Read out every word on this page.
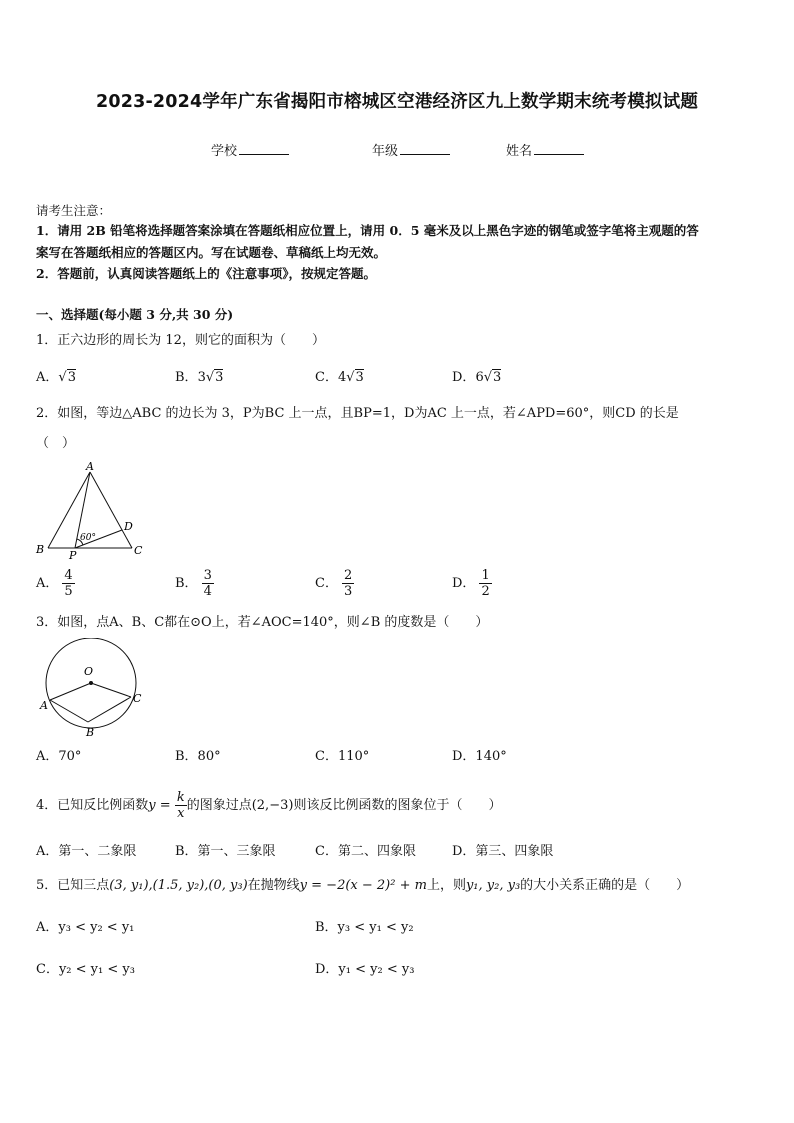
2023-2024学年广东省揭阳市榕城区空港经济区九上数学期末统考模拟试题
学校	年级	姓名
请考生注意：
1．请用 2B 铅笔将选择题答案涂填在答题纸相应位置上，请用 0．5 毫米及以上黑色字迹的钢笔或签字笔将主观题的答
案写在答题纸相应的答题区内。写在试题卷、草稿纸上均无效。
2．答题前，认真阅读答题纸上的《注意事项》，按规定答题。
一、选择题(每小题 3 分,共 30 分)
1．正六边形的周长为 12，则它的面积为（　　）
A．√3	B．3√3	C．4√3	D．6√3
2．如图，等边△ABC 的边长为 3，P为BC 上一点，且BP=1，D为AC 上一点，若∠APD=60°，则CD 的长是
（　）
A
B	C
D
P
60°
A． $\frac{4}{5}$	B． $\frac{3}{4}$	C． $\frac{2}{3}$	D． $\frac{1}{2}$
3．如图，点A、B、C都在⊙O上，若∠AOC=140°，则∠B 的度数是（　　）
O
A
B
C
A．70°	B．80°	C．110°	D．140°
4．已知反比例函数$y = \frac{k}{x}$ 的图象过点(2,−3)则该反比例函数的图象位于（　　）
A．第一、二象限	B．第一、三象限	C．第二、四象限	D．第三、四象限
5．已知三点(3, y₁),(1.5, y₂),(0, y₃)在抛物线y = −2(x − 2)² + m上，则y₁, y₂, y₃的大小关系正确的是（　　）
A．y₃ < y₂ < y₁	B．y₃ < y₁ < y₂
C．y₂ < y₁ < y₃	D．y₁ < y₂ < y₃
